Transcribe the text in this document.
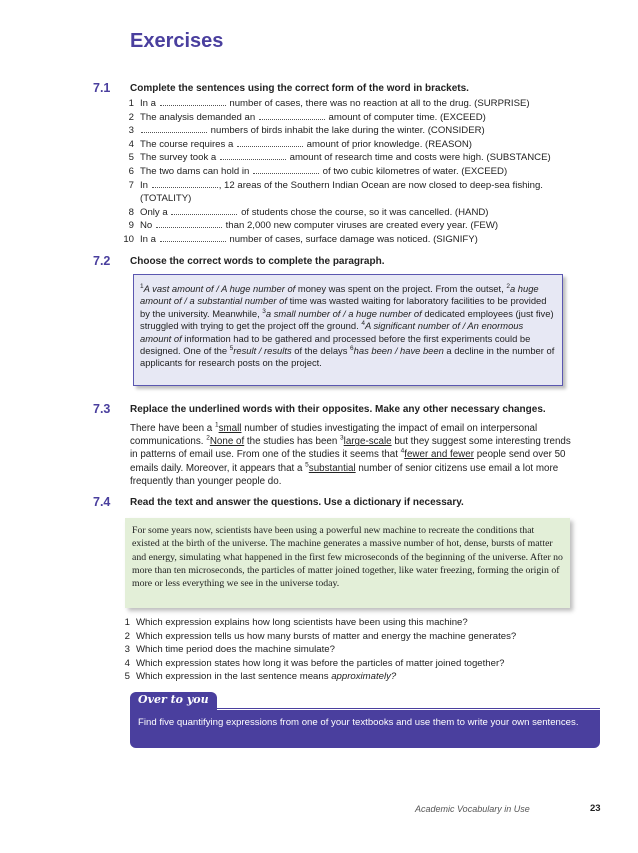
Exercises
7.1 Complete the sentences using the correct form of the word in brackets.
1 In a	number of cases, there was no reaction at all to the drug. (SURPRISE)
2 The analysis demanded an	amount of computer time. (EXCEED)
3	numbers of birds inhabit the lake during the winter. (CONSIDER)
4 The course requires a	amount of prior knowledge. (REASON)
5 The survey took a	amount of research time and costs were high. (SUBSTANCE)
6 The two dams can hold in	of two cubic kilometres of water. (EXCEED)
7 In	, 12 areas of the Southern Indian Ocean are now closed to deep-sea fishing.
(TOTALITY)
8 Only a	of students chose the course, so it was cancelled. (HAND)
9 No	than 2,000 new computer viruses are created every year. (FEW)
10 In a	number of cases, surface damage was noticed. (SIGNIFY)
7.2 Choose the correct words to complete the paragraph.
$^1$A vast amount of / A huge number of money was spent on the project. From the outset, $^2$a huge amount of / a substantial number of time was wasted waiting for laboratory facilities to be provided by the university. Meanwhile, $^3$a small number of / a huge number of dedicated employees (just five) struggled with trying to get the project off the ground. $^4$A significant number of / An enormous amount of information had to be gathered and processed before the first experiments could be designed. One of the $^5$result / results of the delays $^6$has been / have been a decline in the number of applicants for research posts on the project.
7.3 Replace the underlined words with their opposites. Make any other necessary changes.
There have been a $^1$small number of studies investigating the impact of email on interpersonal communications. $^2$None of the studies has been $^3$large-scale but they suggest some interesting trends in patterns of email use. From one of the studies it seems that $^4$fewer and fewer people send over 50 emails daily. Moreover, it appears that a $^5$substantial number of senior citizens use email a lot more frequently than younger people do.
7.4 Read the text and answer the questions. Use a dictionary if necessary.
For some years now, scientists have been using a powerful new machine to recreate the conditions that existed at the birth of the universe. The machine generates a massive number of hot, dense, bursts of matter and energy, simulating what happened in the first few microseconds of the beginning of the universe. After no more than ten microseconds, the particles of matter joined together, like water freezing, forming the origin of more or less everything we see in the universe today.
1 Which expression explains how long scientists have been using this machine?
2 Which expression tells us how many bursts of matter and energy the machine generates?
3 Which time period does the machine simulate?
4 Which expression states how long it was before the particles of matter joined together?
5 Which expression in the last sentence means approximately?
Over to you
Find five quantifying expressions from one of your textbooks and use them to write your own sentences.
Academic Vocabulary in Use	23
